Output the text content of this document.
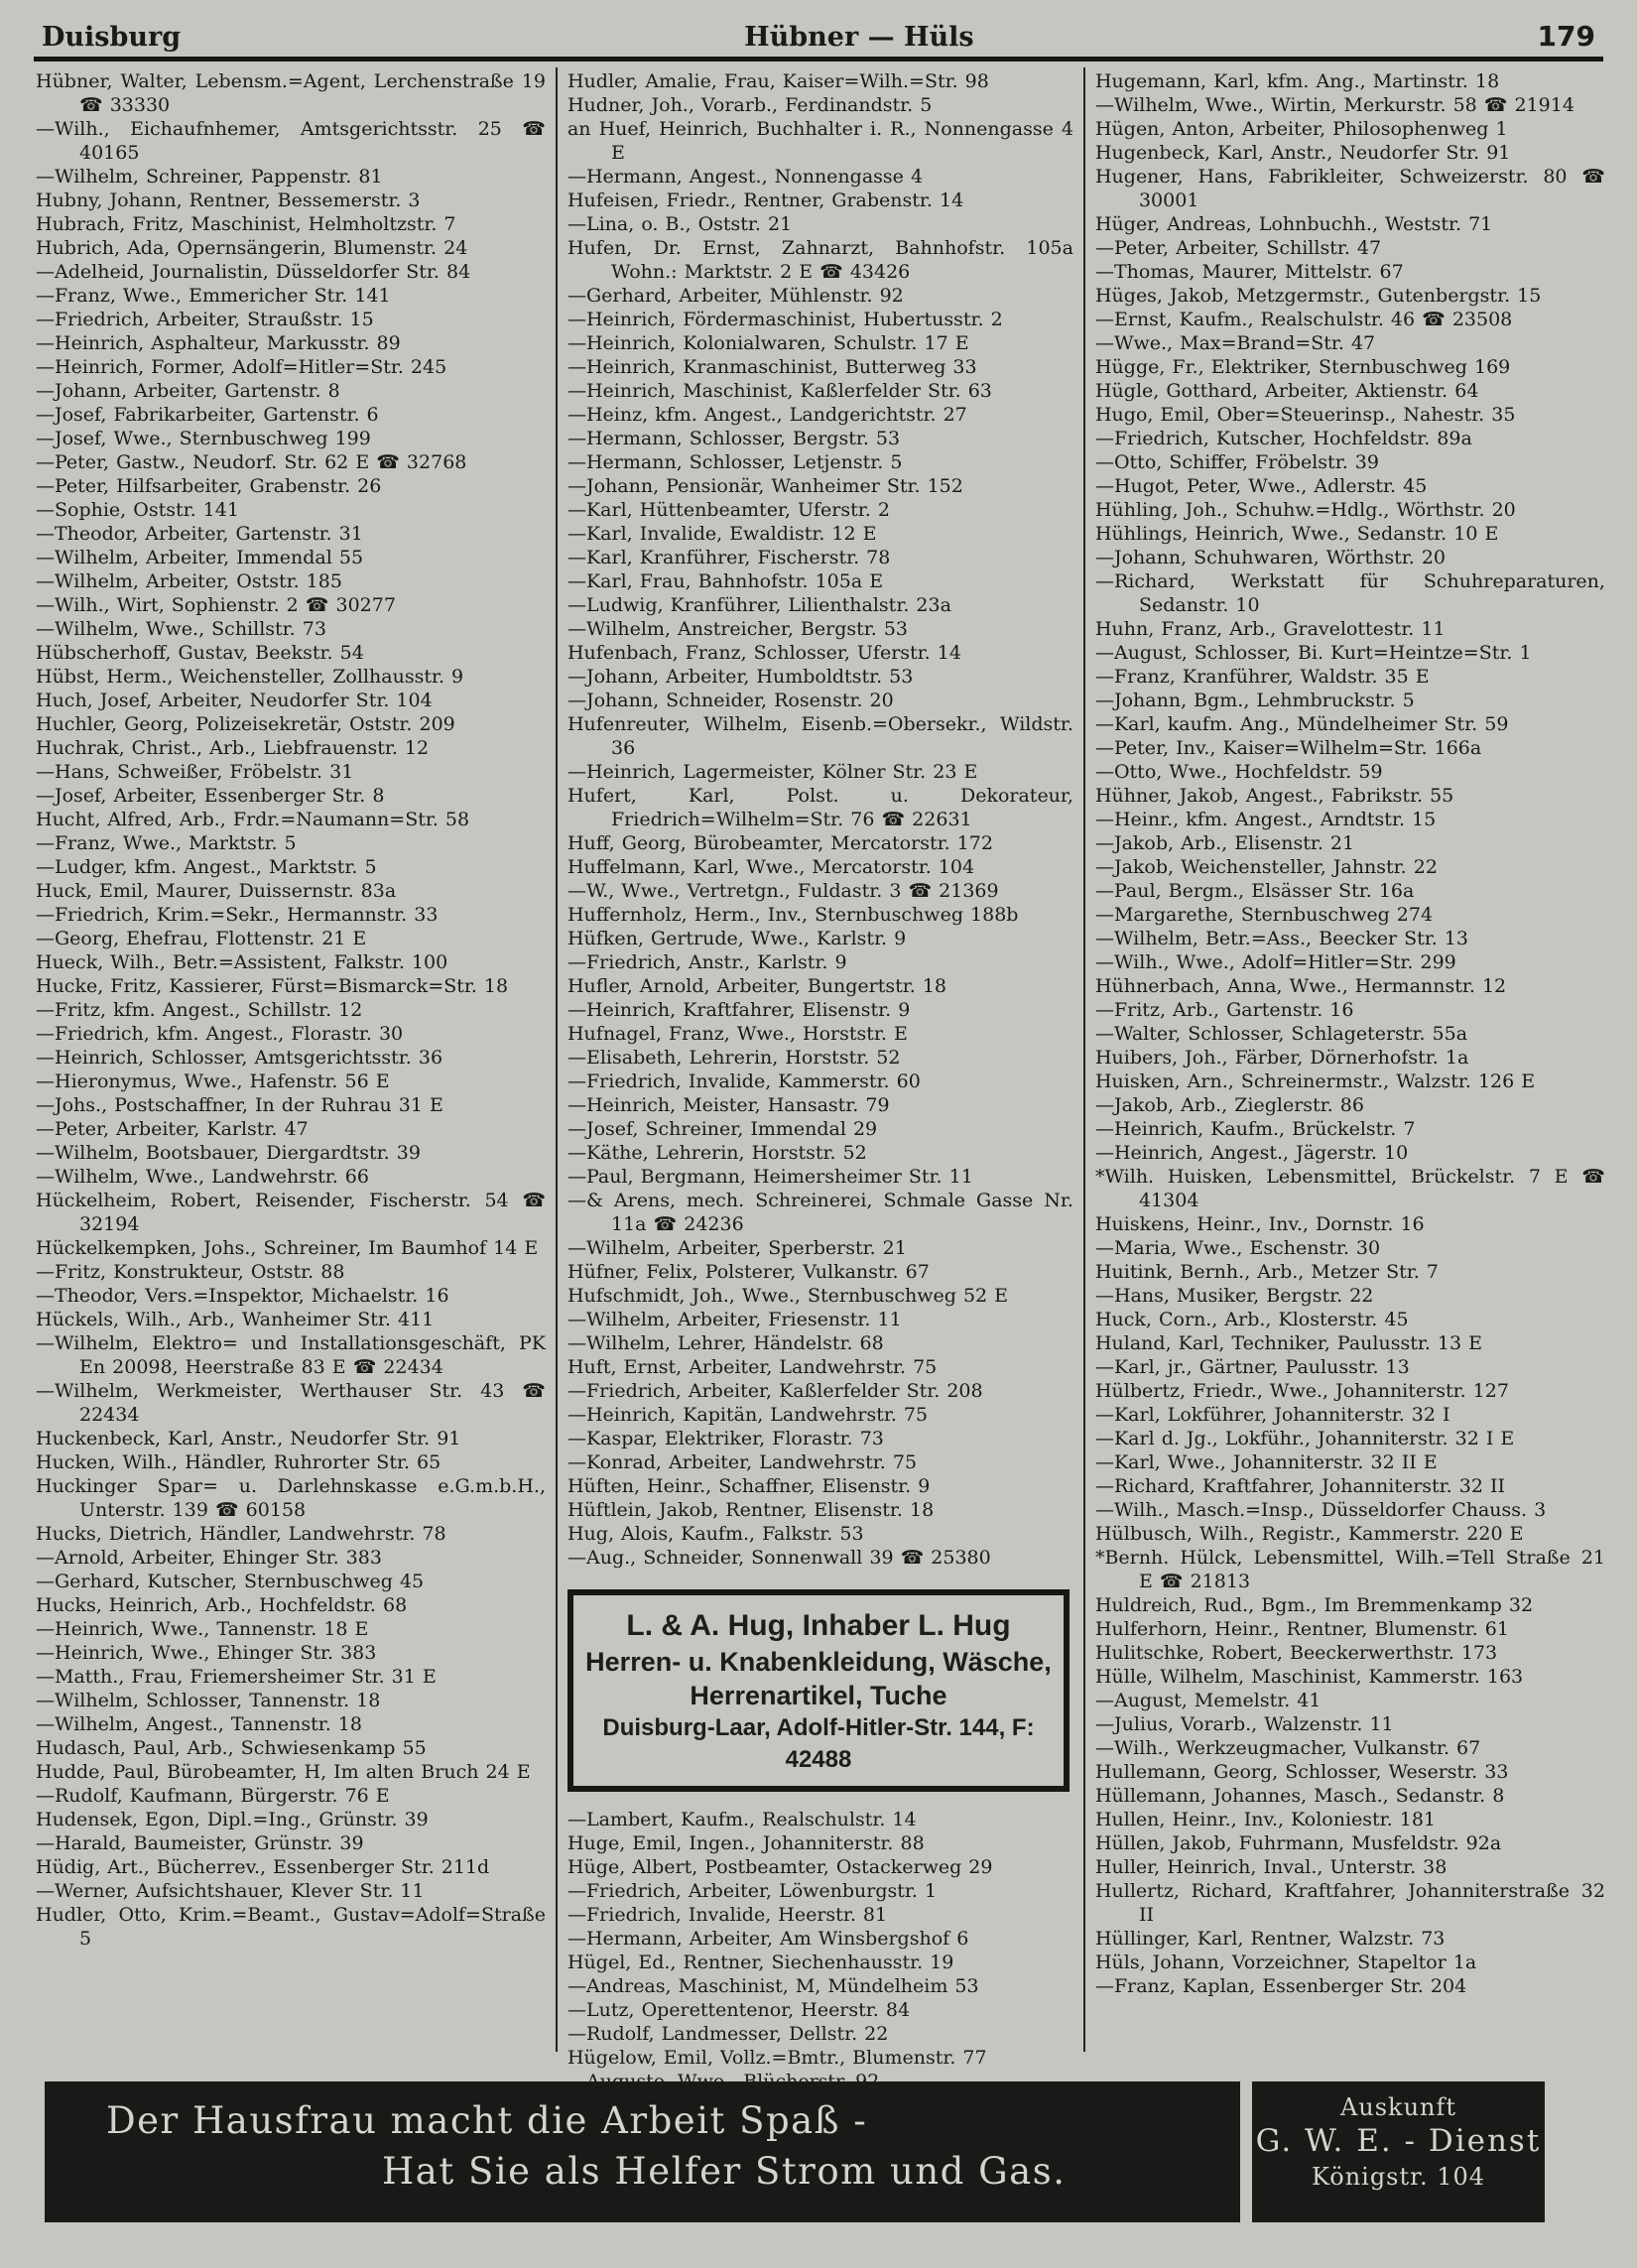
Duisburg	Hübner — Hüls	179
Hübner, Walter, Lebensm.=Agent, Lerchenstraße 19 ☎ 33330
—Wilh., Eichaufnhemer, Amtsgerichtsstr. 25 ☎ 40165
—Wilhelm, Schreiner, Pappenstr. 81
Hubny, Johann, Rentner, Bessemerstr. 3
Hubrach, Fritz, Maschinist, Helmholtzstr. 7
Hubrich, Ada, Opernsängerin, Blumenstr. 24
—Adelheid, Journalistin, Düsseldorfer Str. 84
—Franz, Wwe., Emmericher Str. 141
—Friedrich, Arbeiter, Straußstr. 15
—Heinrich, Asphalteur, Markusstr. 89
—Heinrich, Former, Adolf=Hitler=Str. 245
—Johann, Arbeiter, Gartenstr. 8
—Josef, Fabrikarbeiter, Gartenstr. 6
—Josef, Wwe., Sternbuschweg 199
—Peter, Gastw., Neudorf. Str. 62 E ☎ 32768
—Peter, Hilfsarbeiter, Grabenstr. 26
—Sophie, Oststr. 141
—Theodor, Arbeiter, Gartenstr. 31
—Wilhelm, Arbeiter, Immendal 55
—Wilhelm, Arbeiter, Oststr. 185
—Wilh., Wirt, Sophienstr. 2 ☎ 30277
—Wilhelm, Wwe., Schillstr. 73
Hübscherhoff, Gustav, Beekstr. 54
Hübst, Herm., Weichensteller, Zollhausstr. 9
Huch, Josef, Arbeiter, Neudorfer Str. 104
Huchler, Georg, Polizeisekretär, Oststr. 209
Huchrak, Christ., Arb., Liebfrauenstr. 12
—Hans, Schweißer, Fröbelstr. 31
—Josef, Arbeiter, Essenberger Str. 8
Hucht, Alfred, Arb., Frdr.=Naumann=Str. 58
—Franz, Wwe., Marktstr. 5
—Ludger, kfm. Angest., Marktstr. 5
Huck, Emil, Maurer, Duissernstr. 83a
—Friedrich, Krim.=Sekr., Hermannstr. 33
—Georg, Ehefrau, Flottenstr. 21 E
Hueck, Wilh., Betr.=Assistent, Falkstr. 100
Hucke, Fritz, Kassierer, Fürst=Bismarck=Str. 18
—Fritz, kfm. Angest., Schillstr. 12
—Friedrich, kfm. Angest., Florastr. 30
—Heinrich, Schlosser, Amtsgerichtsstr. 36
—Hieronymus, Wwe., Hafenstr. 56 E
—Johs., Postschaffner, In der Ruhrau 31 E
—Peter, Arbeiter, Karlstr. 47
—Wilhelm, Bootsbauer, Diergardtstr. 39
—Wilhelm, Wwe., Landwehrstr. 66
Hückelheim, Robert, Reisender, Fischerstr. 54 ☎ 32194
Hückelkempken, Johs., Schreiner, Im Baumhof 14 E
—Fritz, Konstrukteur, Oststr. 88
—Theodor, Vers.=Inspektor, Michaelstr. 16
Hückels, Wilh., Arb., Wanheimer Str. 411
—Wilhelm, Elektro= und Installationsgeschäft, PK En 20098, Heerstraße 83 E ☎ 22434
—Wilhelm, Werkmeister, Werthauser Str. 43 ☎ 22434
Huckenbeck, Karl, Anstr., Neudorfer Str. 91
Hucken, Wilh., Händler, Ruhrorter Str. 65
Huckinger Spar= u. Darlehnskasse e.G.m.b.H., Unterstr. 139 ☎ 60158
Hucks, Dietrich, Händler, Landwehrstr. 78
—Arnold, Arbeiter, Ehinger Str. 383
—Gerhard, Kutscher, Sternbuschweg 45
Hucks, Heinrich, Arb., Hochfeldstr. 68
—Heinrich, Wwe., Tannenstr. 18 E
—Heinrich, Wwe., Ehinger Str. 383
—Matth., Frau, Friemersheimer Str. 31 E
—Wilhelm, Schlosser, Tannenstr. 18
—Wilhelm, Angest., Tannenstr. 18
Hudasch, Paul, Arb., Schwiesenkamp 55
Hudde, Paul, Bürobeamter, H, Im alten Bruch 24 E
—Rudolf, Kaufmann, Bürgerstr. 76 E
Hudensek, Egon, Dipl.=Ing., Grünstr. 39
—Harald, Baumeister, Grünstr. 39
Hüdig, Art., Bücherrev., Essenberger Str. 211d
—Werner, Aufsichtshauer, Klever Str. 11
Hudler, Otto, Krim.=Beamt., Gustav=Adolf=Straße 5
Hudler, Amalie, Frau, Kaiser=Wilh.=Str. 98
Hudner, Joh., Vorarb., Ferdinandstr. 5
an Huef, Heinrich, Buchhalter i. R., Nonnengasse 4 E
—Hermann, Angest., Nonnengasse 4
Hufeisen, Friedr., Rentner, Grabenstr. 14
—Lina, o. B., Oststr. 21
Hufen, Dr. Ernst, Zahnarzt, Bahnhofstr. 105a Wohn.: Marktstr. 2 E ☎ 43426
—Gerhard, Arbeiter, Mühlenstr. 92
—Heinrich, Fördermaschinist, Hubertusstr. 2
—Heinrich, Kolonialwaren, Schulstr. 17 E
—Heinrich, Kranmaschinist, Butterweg 33
—Heinrich, Maschinist, Kaßlerfelder Str. 63
—Heinz, kfm. Angest., Landgerichtstr. 27
—Hermann, Schlosser, Bergstr. 53
—Hermann, Schlosser, Letjenstr. 5
—Johann, Pensionär, Wanheimer Str. 152
—Karl, Hüttenbeamter, Uferstr. 2
—Karl, Invalide, Ewaldistr. 12 E
—Karl, Kranführer, Fischerstr. 78
—Karl, Frau, Bahnhofstr. 105a E
—Ludwig, Kranführer, Lilienthalstr. 23a
—Wilhelm, Anstreicher, Bergstr. 53
Hufenbach, Franz, Schlosser, Uferstr. 14
—Johann, Arbeiter, Humboldtstr. 53
—Johann, Schneider, Rosenstr. 20
Hufenreuter, Wilhelm, Eisenb.=Obersekr., Wildstr. 36
—Heinrich, Lagermeister, Kölner Str. 23 E
Hufert, Karl, Polst. u. Dekorateur, Friedrich=Wilhelm=Str. 76 ☎ 22631
Huff, Georg, Bürobeamter, Mercatorstr. 172
Huffelmann, Karl, Wwe., Mercatorstr. 104
—W., Wwe., Vertretgn., Fuldastr. 3 ☎ 21369
Huffernholz, Herm., Inv., Sternbuschweg 188b
Hüfken, Gertrude, Wwe., Karlstr. 9
—Friedrich, Anstr., Karlstr. 9
Hufler, Arnold, Arbeiter, Bungertstr. 18
—Heinrich, Kraftfahrer, Elisenstr. 9
Hufnagel, Franz, Wwe., Horststr. E
—Elisabeth, Lehrerin, Horststr. 52
—Friedrich, Invalide, Kammerstr. 60
—Heinrich, Meister, Hansastr. 79
—Josef, Schreiner, Immendal 29
—Käthe, Lehrerin, Horststr. 52
—Paul, Bergmann, Heimersheimer Str. 11
—& Arens, mech. Schreinerei, Schmale Gasse Nr. 11a ☎ 24236
—Wilhelm, Arbeiter, Sperberstr. 21
Hüfner, Felix, Polsterer, Vulkanstr. 67
Hufschmidt, Joh., Wwe., Sternbuschweg 52 E
—Wilhelm, Arbeiter, Friesenstr. 11
—Wilhelm, Lehrer, Händelstr. 68
Huft, Ernst, Arbeiter, Landwehrstr. 75
—Friedrich, Arbeiter, Kaßlerfelder Str. 208
—Heinrich, Kapitän, Landwehrstr. 75
—Kaspar, Elektriker, Florastr. 73
—Konrad, Arbeiter, Landwehrstr. 75
Hüften, Heinr., Schaffner, Elisenstr. 9
Hüftlein, Jakob, Rentner, Elisenstr. 18
Hug, Alois, Kaufm., Falkstr. 53
—Aug., Schneider, Sonnenwall 39 ☎ 25380
L. & A. Hug, Inhaber L. Hug
Herren- u. Knabenkleidung, Wäsche,
Herrenartikel, Tuche
Duisburg-Laar, Adolf-Hitler-Str. 144, F: 42488
—Lambert, Kaufm., Realschulstr. 14
Huge, Emil, Ingen., Johanniterstr. 88
Hüge, Albert, Postbeamter, Ostackerweg 29
—Friedrich, Arbeiter, Löwenburgstr. 1
—Friedrich, Invalide, Heerstr. 81
—Hermann, Arbeiter, Am Winsbergshof 6
Hügel, Ed., Rentner, Siechenhausstr. 19
—Andreas, Maschinist, M, Mündelheim 53
—Lutz, Operettentenor, Heerstr. 84
—Rudolf, Landmesser, Dellstr. 22
Hügelow, Emil, Vollz.=Bmtr., Blumenstr. 77
Hugemann, Karl, kfm. Ang., Martinstr. 18
—Wilhelm, Wwe., Wirtin, Merkurstr. 58 ☎ 21914
Hügen, Anton, Arbeiter, Philosophenweg 1
Hugenbeck, Karl, Anstr., Neudorfer Str. 91
Hugener, Hans, Fabrikleiter, Schweizerstr. 80 ☎ 30001
Hüger, Andreas, Lohnbuchh., Weststr. 71
—Peter, Arbeiter, Schillstr. 47
—Thomas, Maurer, Mittelstr. 67
Hüges, Jakob, Metzgermstr., Gutenbergstr. 15
—Ernst, Kaufm., Realschulstr. 46 ☎ 23508
—Wwe., Max=Brand=Str. 47
Hügge, Fr., Elektriker, Sternbuschweg 169
Hügle, Gotthard, Arbeiter, Aktienstr. 64
Hugo, Emil, Ober=Steuerinsp., Nahestr. 35
—Friedrich, Kutscher, Hochfeldstr. 89a
—Otto, Schiffer, Fröbelstr. 39
—Hugot, Peter, Wwe., Adlerstr. 45
Hühling, Joh., Schuhw.=Hdlg., Wörthstr. 20
Hühlings, Heinrich, Wwe., Sedanstr. 10 E
—Johann, Schuhwaren, Wörthstr. 20
—Richard, Werkstatt für Schuhreparaturen, Sedanstr. 10
Huhn, Franz, Arb., Gravelottestr. 11
—August, Schlosser, Bi. Kurt=Heintze=Str. 1
—Franz, Kranführer, Waldstr. 35 E
—Johann, Bgm., Lehmbruckstr. 5
—Karl, kaufm. Ang., Mündelheimer Str. 59
—Peter, Inv., Kaiser=Wilhelm=Str. 166a
—Otto, Wwe., Hochfeldstr. 59
Hühner, Jakob, Angest., Fabrikstr. 55
—Heinr., kfm. Angest., Arndtstr. 15
—Jakob, Arb., Elisenstr. 21
—Jakob, Weichensteller, Jahnstr. 22
—Paul, Bergm., Elsässer Str. 16a
—Margarethe, Sternbuschweg 274
—Wilhelm, Betr.=Ass., Beecker Str. 13
—Wilh., Wwe., Adolf=Hitler=Str. 299
Hühnerbach, Anna, Wwe., Hermannstr. 12
—Fritz, Arb., Gartenstr. 16
—Walter, Schlosser, Schlageterstr. 55a
Huibers, Joh., Färber, Dörnerhofstr. 1a
Huisken, Arn., Schreinermstr., Walzstr. 126 E
—Jakob, Arb., Zieglerstr. 86
—Heinrich, Kaufm., Brückelstr. 7
—Heinrich, Angest., Jägerstr. 10
*Wilh. Huisken, Lebensmittel, Brückelstr. 7 E ☎ 41304
Huiskens, Heinr., Inv., Dornstr. 16
—Maria, Wwe., Eschenstr. 30
Huitink, Bernh., Arb., Metzer Str. 7
—Hans, Musiker, Bergstr. 22
Huck, Corn., Arb., Klosterstr. 45
Huland, Karl, Techniker, Paulusstr. 13 E
—Karl, jr., Gärtner, Paulusstr. 13
Hülbertz, Friedr., Wwe., Johanniterstr. 127
—Karl, Lokführer, Johanniterstr. 32 I
—Karl d. Jg., Lokführ., Johanniterstr. 32 I E
—Karl, Wwe., Johanniterstr. 32 II E
—Richard, Kraftfahrer, Johanniterstr. 32 II
—Wilh., Masch.=Insp., Düsseldorfer Chauss. 3
Hülbusch, Wilh., Registr., Kammerstr. 220 E
*Bernh. Hülck, Lebensmittel, Wilh.=Tell Straße 21 E ☎ 21813
Huldreich, Rud., Bgm., Im Bremmenkamp 32
Hulferhorn, Heinr., Rentner, Blumenstr. 61
Hulitschke, Robert, Beeckerwerthstr. 173
Hülle, Wilhelm, Maschinist, Kammerstr. 163
—August, Memelstr. 41
—Julius, Vorarb., Walzenstr. 11
—Wilh., Werkzeugmacher, Vulkanstr. 67
Hullemann, Georg, Schlosser, Weserstr. 33
Hüllemann, Johannes, Masch., Sedanstr. 8
Hullen, Heinr., Inv., Koloniestr. 181
Hüllen, Jakob, Fuhrmann, Musfeldstr. 92a
Huller, Heinrich, Inval., Unterstr. 38
Hullertz, Richard, Kraftfahrer, Johanniterstraße 32 II
Hüllinger, Karl, Rentner, Walzstr. 73
Hüls, Johann, Vorzeichner, Stapeltor 1a
—Franz, Kaplan, Essenberger Str. 204
Der Hausfrau macht die Arbeit Spaß -
Hat Sie als Helfer Strom und Gas.
Auskunft
G. W. E. - Dienst
Königstr. 104
